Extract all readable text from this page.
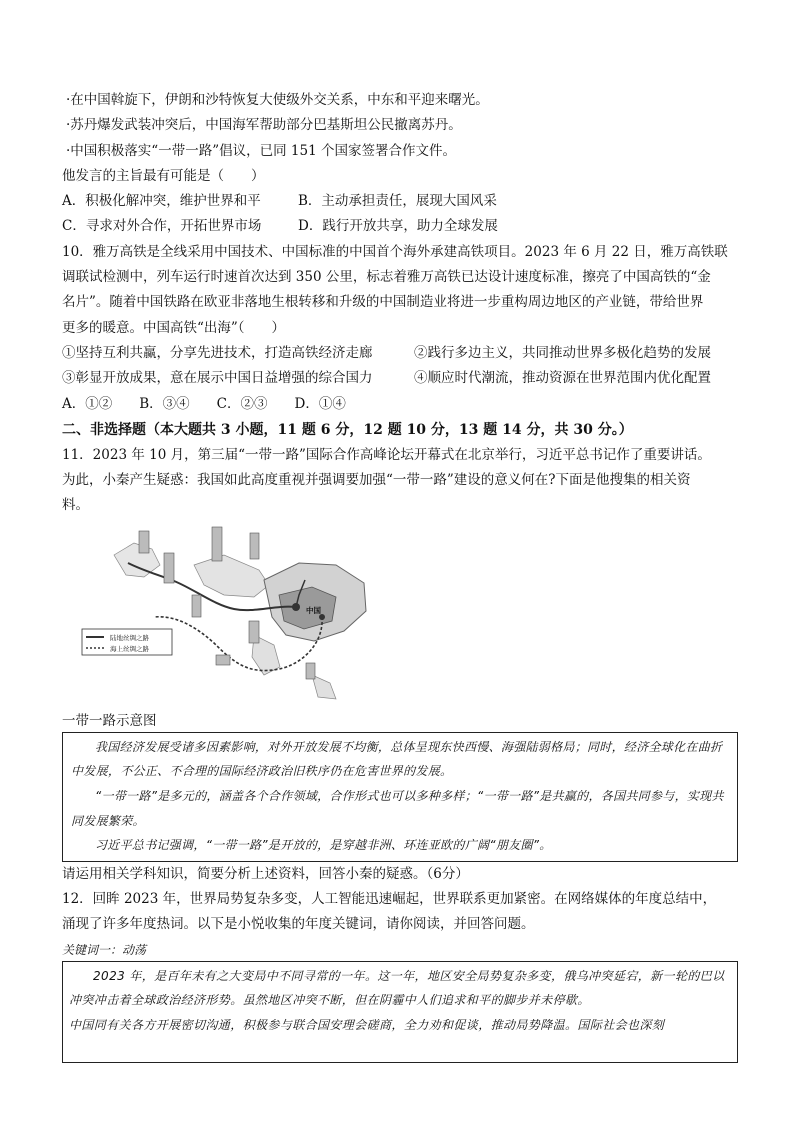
·在中国斡旋下，伊朗和沙特恢复大使级外交关系，中东和平迎来曙光。
·苏丹爆发武装冲突后，中国海军帮助部分巴基斯坦公民撤离苏丹。
·中国积极落实“一带一路”倡议，已同 151 个国家签署合作文件。
他发言的主旨最有可能是（　　）
A．积极化解冲突，维护世界和平	B．主动承担责任，展现大国风采
C．寻求对外合作，开拓世界市场	D．践行开放共享，助力全球发展
10．雅万高铁是全线采用中国技术、中国标准的中国首个海外承建高铁项目。2023 年 6 月 22 日，雅万高铁联
调联试检测中，列车运行时速首次达到 350 公里，标志着雅万高铁已达设计速度标准，擦亮了中国高铁的“金
名片”。随着中国铁路在欧亚非落地生根转移和升级的中国制造业将进一步重构周边地区的产业链，带给世界
更多的暖意。中国高铁“出海”（　　）
①坚持互利共赢，分享先进技术，打造高铁经济走廊	②践行多边主义，共同推动世界多极化趋势的发展
③彰显开放成果，意在展示中国日益增强的综合国力	④顺应时代潮流，推动资源在世界范围内优化配置
A．①②　　B．③④　　C．②③　　D．①④
二、非选择题（本大题共 3 小题，11 题 6 分，12 题 10 分，13 题 14 分，共 30 分。）
11．2023 年 10 月，第三届“一带一路”国际合作高峰论坛开幕式在北京举行，习近平总书记作了重要讲话。
为此，小秦产生疑惑：我国如此高度重视并强调要加强“一带一路”建设的意义何在?下面是他搜集的相关资
料。
陆地丝绸之路
海上丝绸之路
中国
一带一路示意图

我国经济发展受诸多因素影响，对外开放发展不均衡，总体呈现东快西慢、海强陆弱格局；同时，经济全球化在曲折中发展，不公正、不合理的国际经济政治旧秩序仍在危害世界的发展。

“一带一路”是多元的，涵盖各个合作领域，合作形式也可以多种多样；“一带一路”是共赢的，各国共同参与，实现共同发展繁荣。

习近平总书记强调，“一带一路”是开放的，是穿越非洲、环连亚欧的广阔“朋友圈”。

请运用相关学科知识，简要分析上述资料，回答小秦的疑惑。（6分）
12．回眸 2023 年，世界局势复杂多变，人工智能迅速崛起，世界联系更加紧密。在网络媒体的年度总结中，
涌现了许多年度热词。以下是小悦收集的年度关键词，请你阅读，并回答问题。
关键词一：动荡

2023 年，是百年未有之大变局中不同寻常的一年。这一年，地区安全局势复杂多变，俄乌冲突延宕，新一轮的巴以冲突冲击着全球政治经济形势。虽然地区冲突不断，但在阴霾中人们追求和平的脚步并未停歇。

中国同有关各方开展密切沟通，积极参与联合国安理会磋商，全力劝和促谈，推动局势降温。国际社会也深刻
